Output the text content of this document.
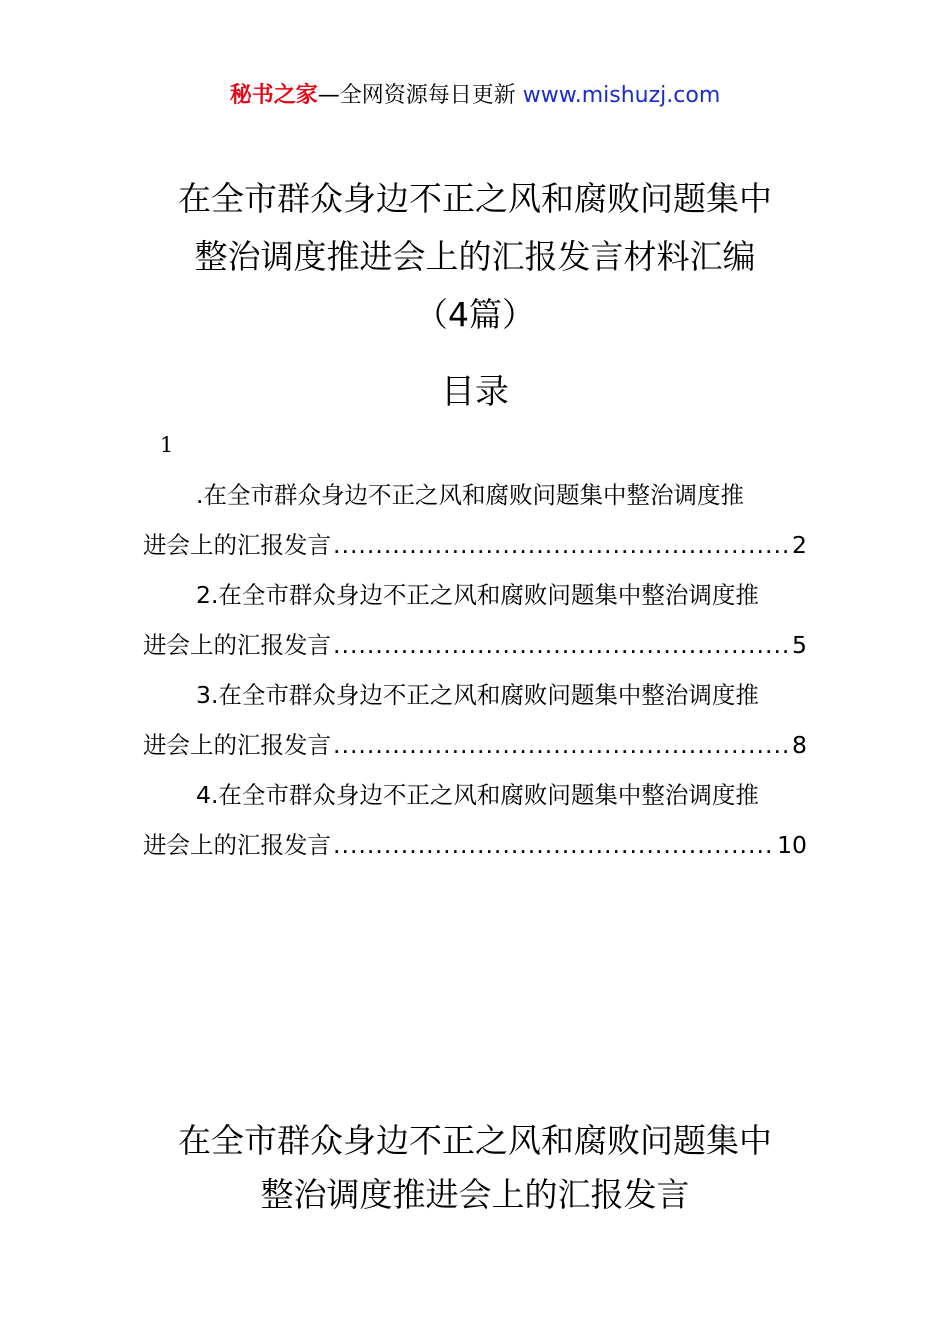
秘书之家—全网资源每日更新 www.mishuzj.com
在全市群众身边不正之风和腐败问题集中
整治调度推进会上的汇报发言材料汇编
（4篇）
目录
1
.在全市群众身边不正之风和腐败问题集中整治调度推
进会上的汇报发言 .....	2
2.在全市群众身边不正之风和腐败问题集中整治调度推
进会上的汇报发言 .....	5
3.在全市群众身边不正之风和腐败问题集中整治调度推
进会上的汇报发言 .....	8
4.在全市群众身边不正之风和腐败问题集中整治调度推
进会上的汇报发言 .....	10
在全市群众身边不正之风和腐败问题集中
整治调度推进会上的汇报发言
